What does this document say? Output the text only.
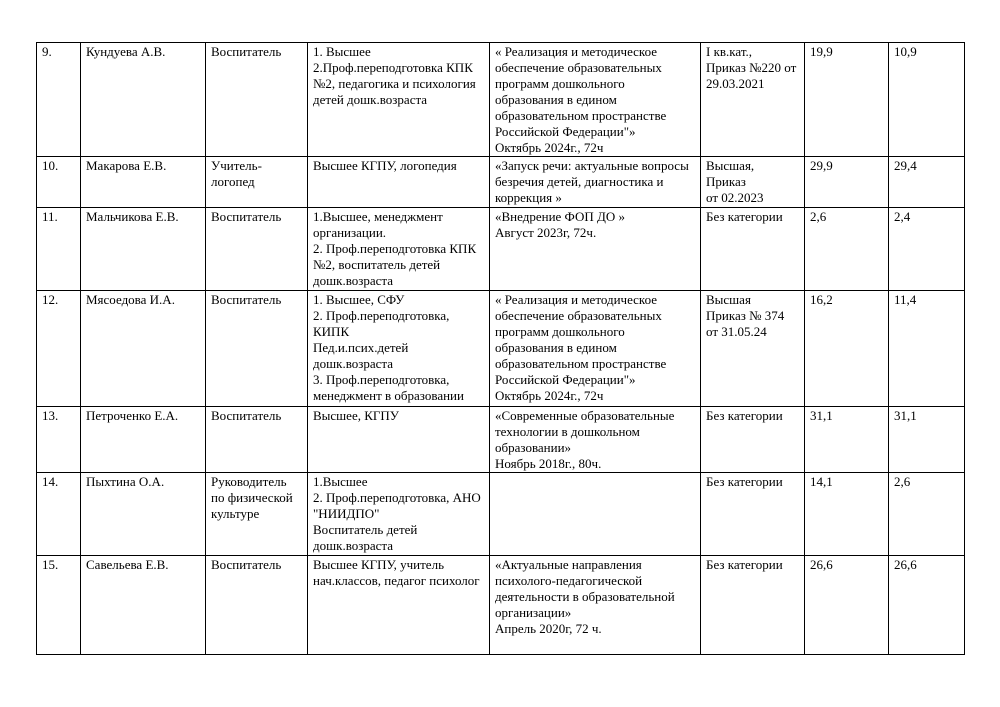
9.	Кундуева А.В.	Воспитатель	1. Высшее
2.Проф.переподготовка КПК №2, педагогика и психология детей дошк.возраста	« Реализация и методическое обеспечение образовательных программ дошкольного образования в едином образовательном пространстве Российской Федерации"»
Октябрь 2024г., 72ч	I кв.кат.,
Приказ №220 от 29.03.2021	19,9	10,9
10.	Макарова Е.В.	Учитель-логопед	Высшее КГПУ, логопедия	«Запуск речи: актуальные вопросы безречия детей, диагностика и коррекция »	Высшая,
Приказ
от 02.2023	29,9	29,4
11.	Мальчикова Е.В.	Воспитатель	1.Высшее, менеджмент организации.
2. Проф.переподготовка КПК №2, воспитатель детей дошк.возраста	«Внедрение ФОП ДО »
Август 2023г, 72ч.	Без категории	2,6	2,4
12.	Мясоедова И.А.	Воспитатель	1. Высшее, СФУ
2. Проф.переподготовка, КИПК
Пед.и.псих.детей дошк.возраста
3. Проф.переподготовка, менеджмент в образовании	« Реализация и методическое обеспечение образовательных программ дошкольного образования в едином образовательном пространстве Российской Федерации"»
Октябрь 2024г., 72ч	Высшая
Приказ № 374 от 31.05.24	16,2	11,4
13.	Петроченко Е.А.	Воспитатель	Высшее, КГПУ	«Современные образовательные технологии в дошкольном образовании»
Ноябрь 2018г., 80ч.	Без категории	31,1	31,1
14.	Пыхтина О.А.	Руководитель по физической культуре	1.Высшее
2. Проф.переподготовка, АНО "НИИДПО"
Воспитатель детей дошк.возраста		Без категории	14,1	2,6
15.	Савельева Е.В.	Воспитатель	Высшее КГПУ, учитель нач.классов, педагог психолог	«Актуальные направления психолого-педагогической деятельности в образовательной организации»
Апрель 2020г, 72 ч.	Без категории	26,6	26,6
